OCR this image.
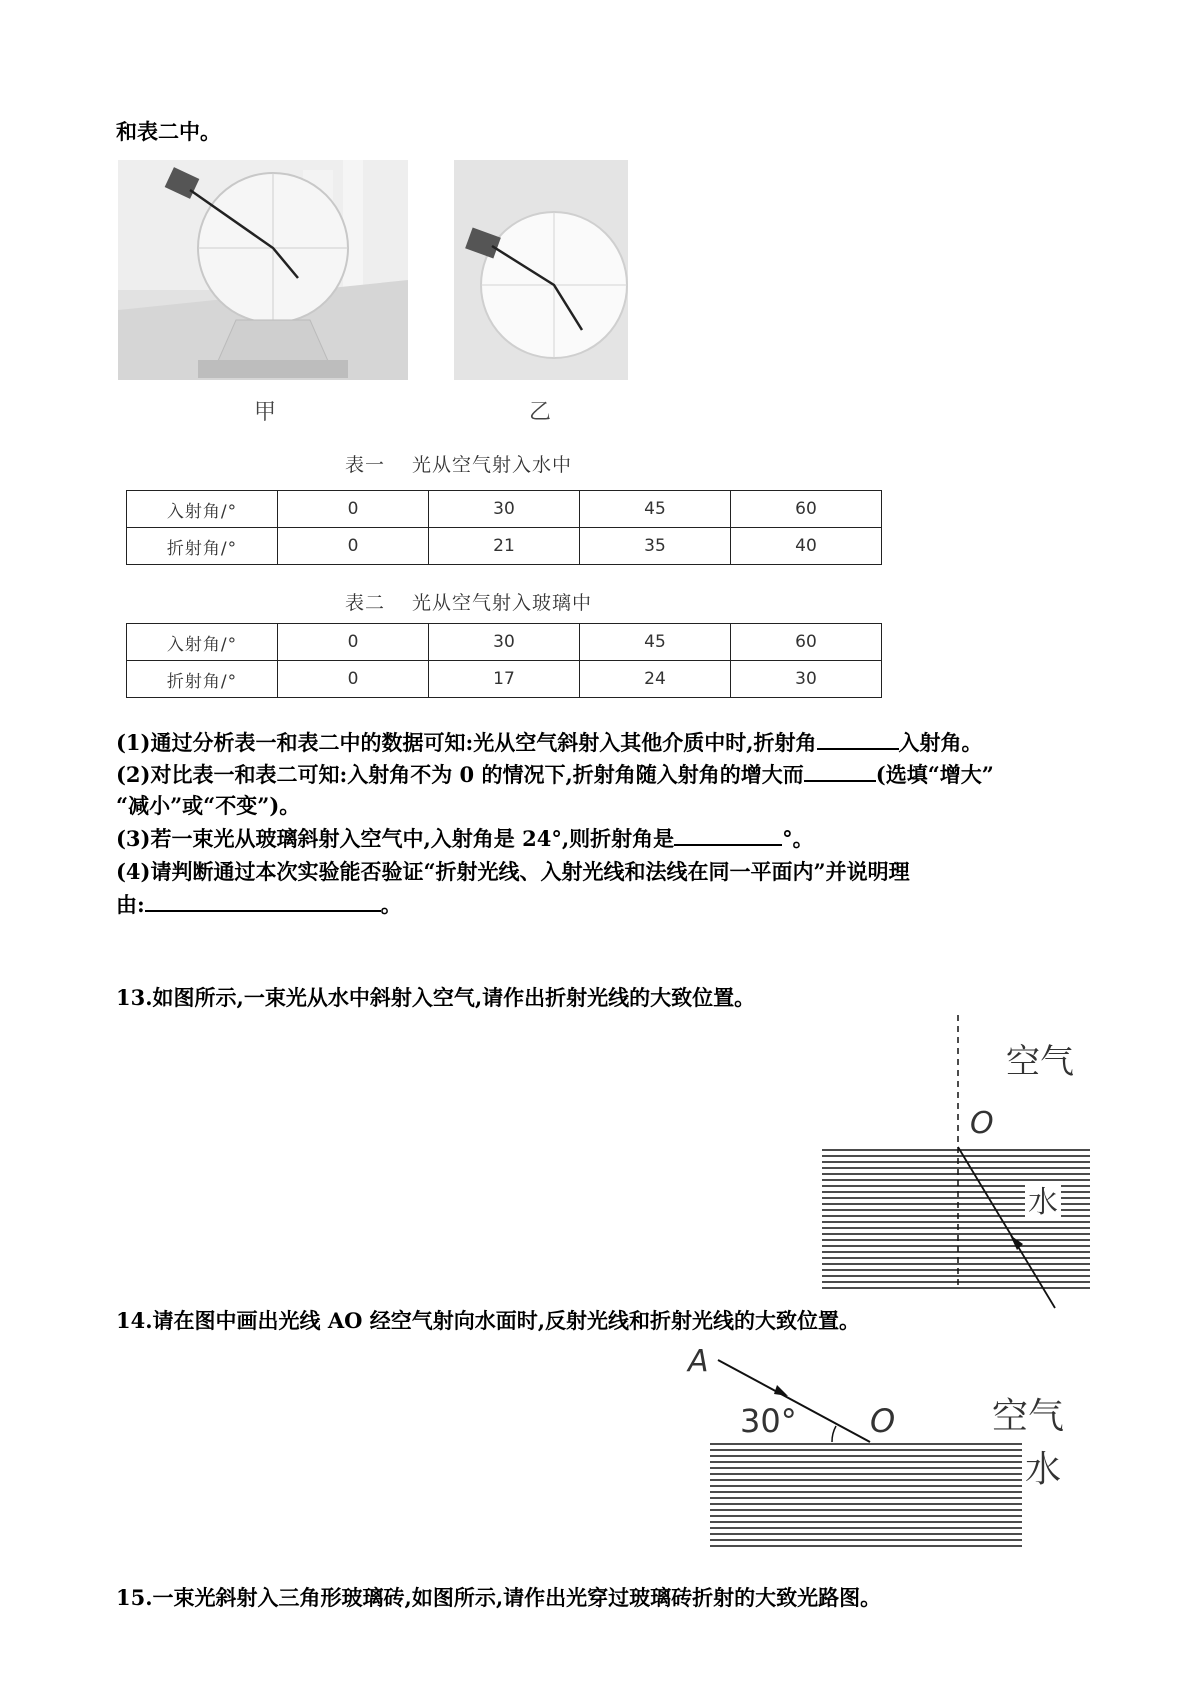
和表二中。
甲	乙
表一　 光从空气射入水中
入射角/°	0	30	45	60
折射角/°	0	21	35	40
表二　 光从空气射入玻璃中
入射角/°	0	30	45	60
折射角/°	0	17	24	30
(1)通过分析表一和表二中的数据可知:光从空气斜射入其他介质中时,折射角	入射角。
(2)对比表一和表二可知:入射角不为 0 的情况下,折射角随入射角的增大而	(选填“增大”
“减小”或“不变”)。
(3)若一束光从玻璃斜射入空气中,入射角是 24°,则折射角是	°。
(4)请判断通过本次实验能否验证“折射光线、入射光线和法线在同一平面内”并说明理
由:	。
13.如图所示,一束光从水中斜射入空气,请作出折射光线的大致位置。
空气
水
O
14.请在图中画出光线 AO 经空气射向水面时,反射光线和折射光线的大致位置。
A
30° O	空气
水
15.一束光斜射入三角形玻璃砖,如图所示,请作出光穿过玻璃砖折射的大致光路图。
